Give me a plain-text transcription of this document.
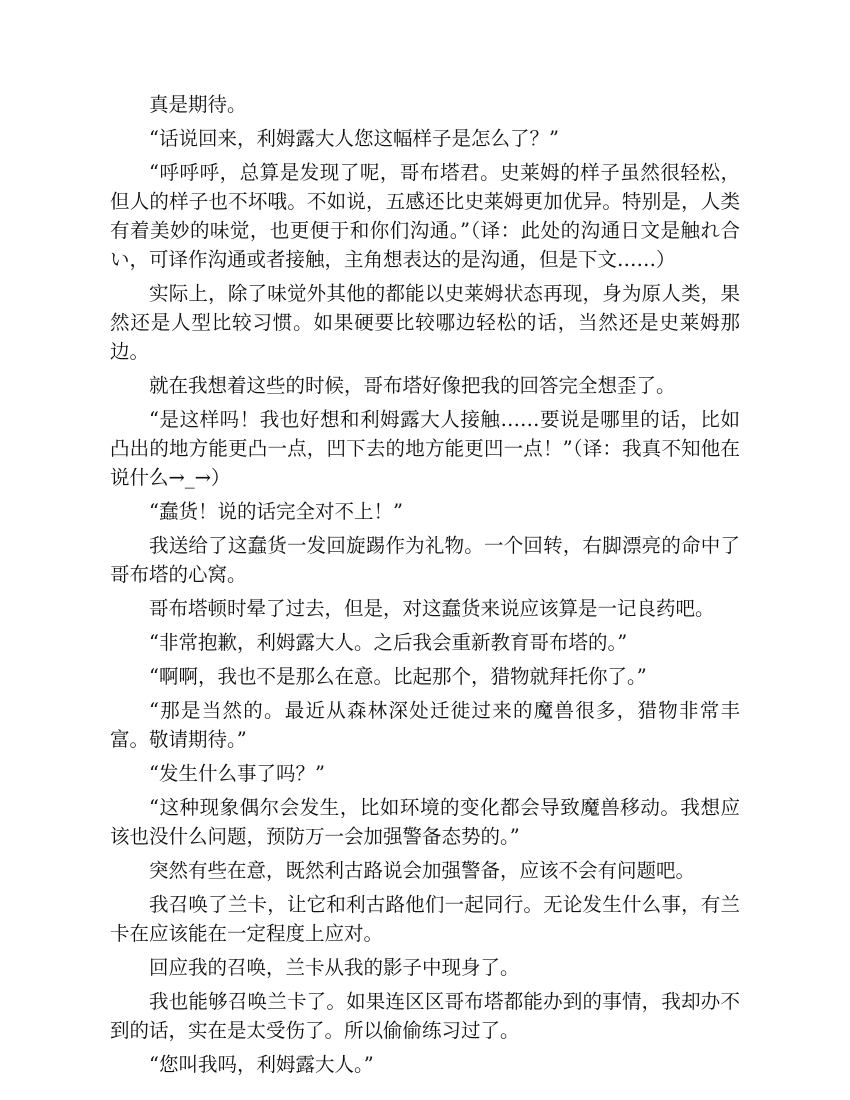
真是期待。

“话说回来，利姆露大人您这幅样子是怎么了？”

“呼呼呼，总算是发现了呢，哥布塔君。史莱姆的样子虽然很轻松，但人的样子也不坏哦。不如说，五感还比史莱姆更加优异。特别是，人类有着美妙的味觉，也更便于和你们沟通。”（译：此处的沟通日文是触れ合い，可译作沟通或者接触，主角想表达的是沟通，但是下文……）

实际上，除了味觉外其他的都能以史莱姆状态再现，身为原人类，果然还是人型比较习惯。如果硬要比较哪边轻松的话，当然还是史莱姆那边。

就在我想着这些的时候，哥布塔好像把我的回答完全想歪了。

“是这样吗！我也好想和利姆露大人接触……要说是哪里的话，比如凸出的地方能更凸一点，凹下去的地方能更凹一点！”（译：我真不知他在说什么→_→）

“蠢货！说的话完全对不上！”

我送给了这蠢货一发回旋踢作为礼物。一个回转，右脚漂亮的命中了哥布塔的心窝。

哥布塔顿时晕了过去，但是，对这蠢货来说应该算是一记良药吧。

“非常抱歉，利姆露大人。之后我会重新教育哥布塔的。”

“啊啊，我也不是那么在意。比起那个，猎物就拜托你了。”

“那是当然的。最近从森林深处迁徙过来的魔兽很多，猎物非常丰富。敬请期待。”

“发生什么事了吗？”

“这种现象偶尔会发生，比如环境的变化都会导致魔兽移动。我想应该也没什么问题，预防万一会加强警备态势的。”

突然有些在意，既然利古路说会加强警备，应该不会有问题吧。

我召唤了兰卡，让它和利古路他们一起同行。无论发生什么事，有兰卡在应该能在一定程度上应对。

回应我的召唤，兰卡从我的影子中现身了。

我也能够召唤兰卡了。如果连区区哥布塔都能办到的事情，我却办不到的话，实在是太受伤了。所以偷偷练习过了。

“您叫我吗，利姆露大人。”
